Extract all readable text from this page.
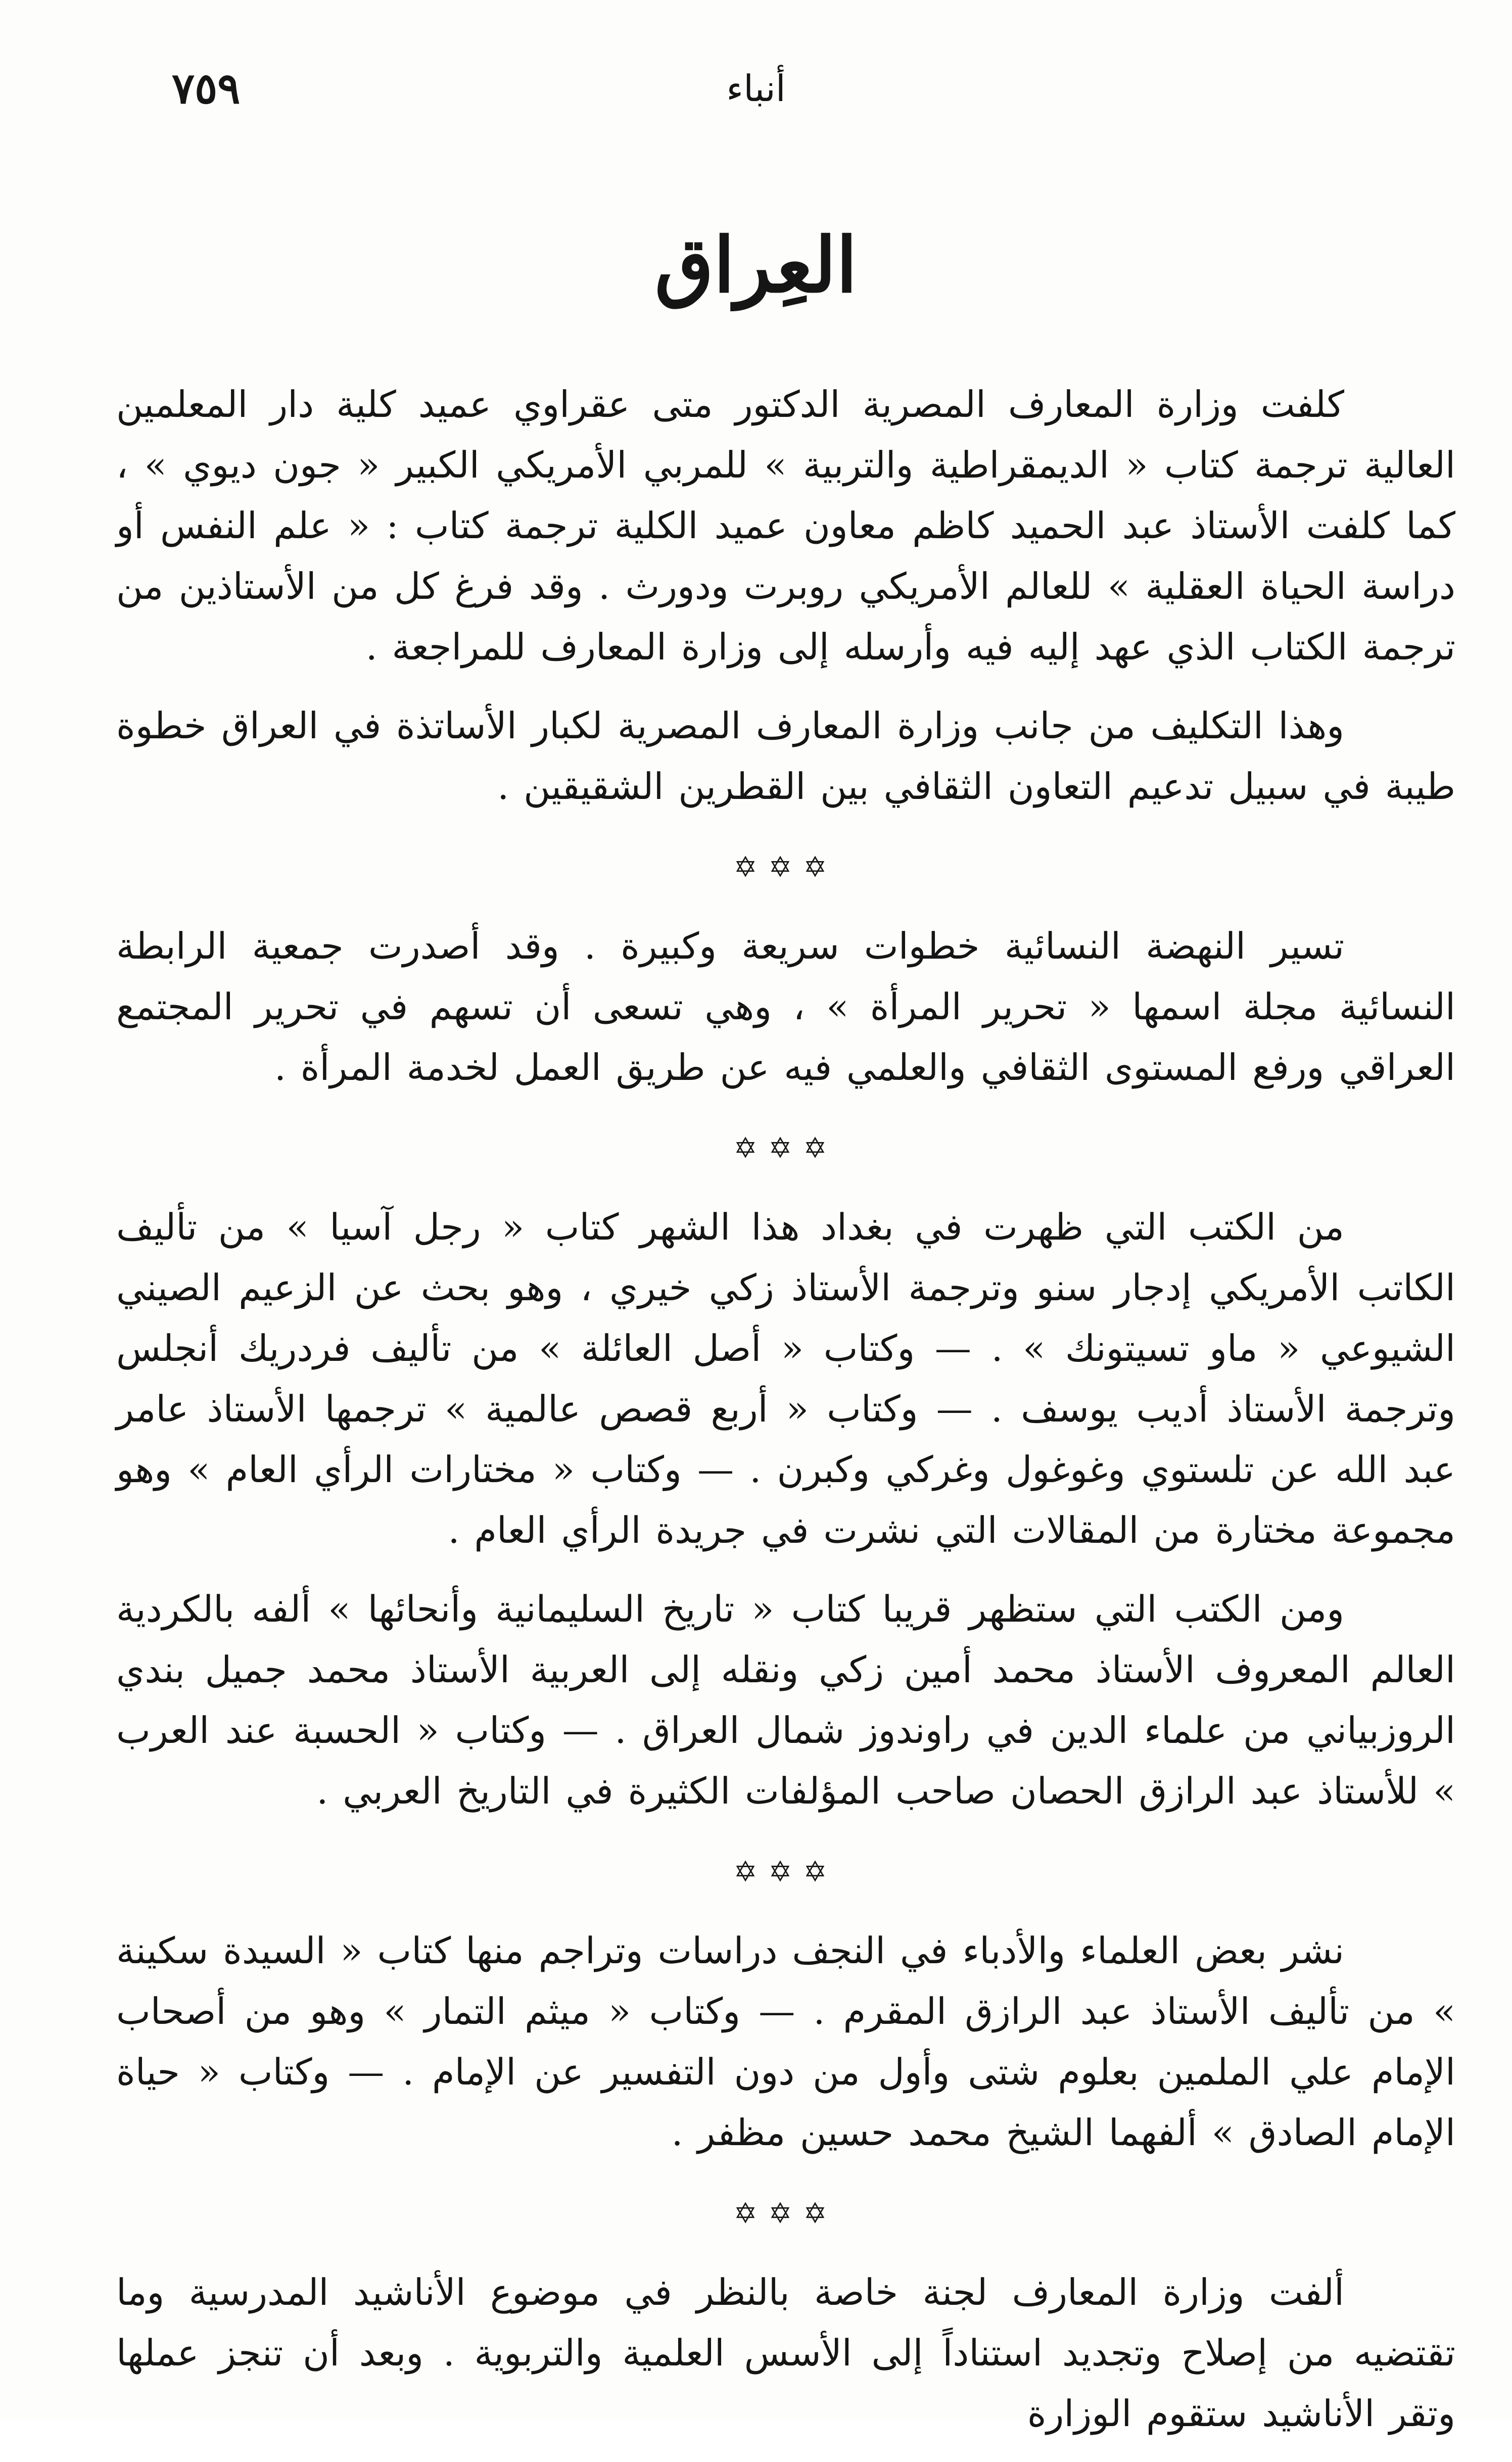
٧٥٩	أنباء
العِراق

كلفت وزارة المعارف المصرية الدكتور متى عقراوي عميد كلية دار المعلمين العالية ترجمة كتاب « الديمقراطية والتربية » للمربي الأمريكي الكبير « جون ديوي » ، كما كلفت الأستاذ عبد الحميد كاظم معاون عميد الكلية ترجمة كتاب : « علم النفس أو دراسة الحياة العقلية » للعالم الأمريكي روبرت ودورث . وقد فرغ كل من الأستاذين من ترجمة الكتاب الذي عهد إليه فيه وأرسله إلى وزارة المعارف للمراجعة .

وهذا التكليف من جانب وزارة المعارف المصرية لكبار الأساتذة في العراق خطوة طيبة في سبيل تدعيم التعاون الثقافي بين القطرين الشقيقين .

✡✡✡

تسير النهضة النسائية خطوات سريعة وكبيرة . وقد أصدرت جمعية الرابطة النسائية مجلة اسمها « تحرير المرأة » ، وهي تسعى أن تسهم في تحرير المجتمع العراقي ورفع المستوى الثقافي والعلمي فيه عن طريق العمل لخدمة المرأة .

✡✡✡

من الكتب التي ظهرت في بغداد هذا الشهر كتاب « رجل آسيا » من تأليف الكاتب الأمريكي إدجار سنو وترجمة الأستاذ زكي خيري ، وهو بحث عن الزعيم الصيني الشيوعي « ماو تسيتونك » . — وكتاب « أصل العائلة » من تأليف فردريك أنجلس وترجمة الأستاذ أديب يوسف . — وكتاب « أربع قصص عالمية » ترجمها الأستاذ عامر عبد الله عن تلستوي وغوغول وغركي وكبرن . — وكتاب « مختارات الرأي العام » وهو مجموعة مختارة من المقالات التي نشرت في جريدة الرأي العام .

ومن الكتب التي ستظهر قريبا كتاب « تاريخ السليمانية وأنحائها » ألفه بالكردية العالم المعروف الأستاذ محمد أمين زكي ونقله إلى العربية الأستاذ محمد جميل بندي الروزبياني من علماء الدين في راوندوز شمال العراق . — وكتاب « الحسبة عند العرب » للأستاذ عبد الرازق الحصان صاحب المؤلفات الكثيرة في التاريخ العربي .

✡✡✡

نشر بعض العلماء والأدباء في النجف دراسات وتراجم منها كتاب « السيدة سكينة » من تأليف الأستاذ عبد الرازق المقرم . — وكتاب « ميثم التمار » وهو من أصحاب الإمام علي الملمين بعلوم شتى وأول من دون التفسير عن الإمام . — وكتاب « حياة الإمام الصادق » ألفهما الشيخ محمد حسين مظفر .

✡✡✡

ألفت وزارة المعارف لجنة خاصة بالنظر في موضوع الأناشيد المدرسية وما تقتضيه من إصلاح وتجديد استناداً إلى الأسس العلمية والتربوية . وبعد أن تنجز عملها وتقر الأناشيد ستقوم الوزارة
